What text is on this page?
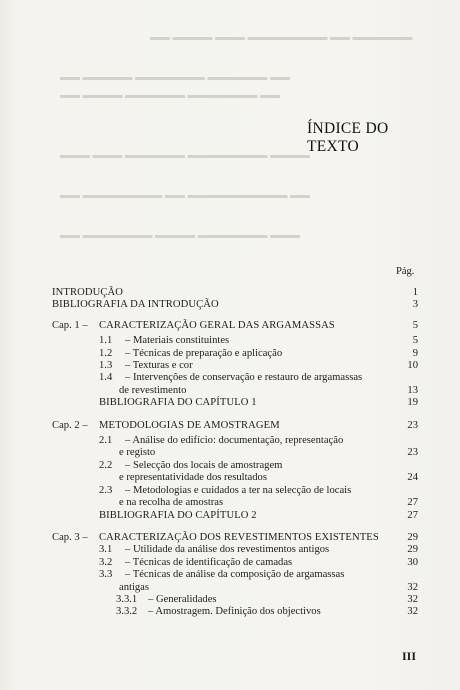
▬▬▬▬▬▬ ▬▬ ▬▬▬▬▬▬▬▬ ▬▬▬ ▬▬▬▬ ▬▬
▬▬ ▬▬▬▬▬▬ ▬▬▬▬▬▬▬ ▬▬▬▬▬ ▬▬
▬▬ ▬▬▬▬▬▬▬ ▬▬▬▬▬▬ ▬▬▬▬ ▬▬
▬▬▬▬ ▬▬▬▬▬▬▬▬ ▬▬▬▬▬▬ ▬▬▬ ▬▬▬
▬▬ ▬▬▬▬▬▬▬▬▬▬ ▬▬ ▬▬▬▬▬▬▬▬ ▬▬
▬▬▬ ▬▬▬▬▬▬▬ ▬▬▬▬ ▬▬▬▬▬▬▬ ▬▬
ÍNDICE DO TEXTO
Pág.
INTRODUÇÃO	1
BIBLIOGRAFIA DA INTRODUÇÃO	3
Cap. 1 – CARACTERIZAÇÃO GERAL DAS ARGAMASSAS	5
1.1 – Materiais constituintes	5
1.2 – Técnicas de preparação e aplicação	9
1.3 – Texturas e cor	10
1.4 – Intervenções de conservação e restauro de argamassas
de revestimento	13
BIBLIOGRAFIA DO CAPÍTULO 1	19
Cap. 2 – METODOLOGIAS DE AMOSTRAGEM	23
2.1 – Análise do edifício: documentação, representação
e registo	23
2.2 – Selecção dos locais de amostragem
e representatividade dos resultados	24
2.3 – Metodologias e cuidados a ter na selecção de locais
e na recolha de amostras	27
BIBLIOGRAFIA DO CAPÍTULO 2	27
Cap. 3 – CARACTERIZAÇÃO DOS REVESTIMENTOS EXISTENTES	29
3.1 – Utilidade da análise dos revestimentos antigos	29
3.2 – Técnicas de identificação de camadas	30
3.3 – Técnicas de análise da composição de argamassas
antigas	32
3.3.1 – Generalidades	32
3.3.2 – Amostragem. Definição dos objectivos	32
III
